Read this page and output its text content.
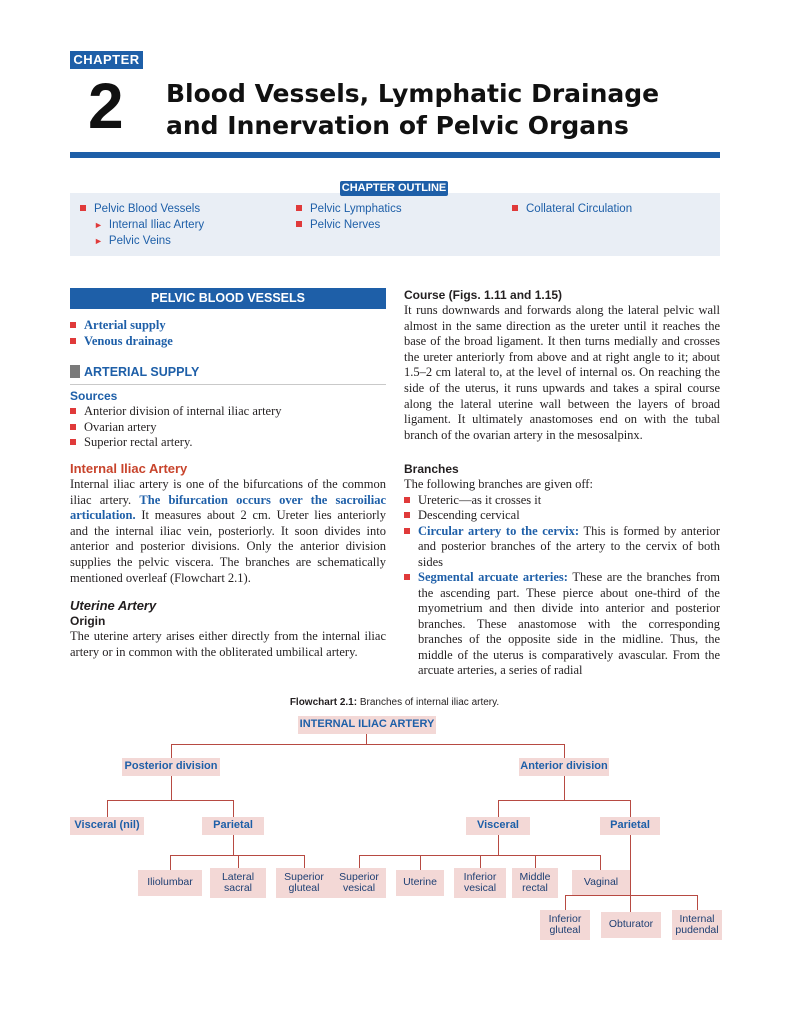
CHAPTER
2 Blood Vessels, Lymphatic Drainage
and Innervation of Pelvic Organs
CHAPTER OUTLINE
Pelvic Blood Vessels
► Internal Iliac Artery
► Pelvic Veins
Pelvic Lymphatics
Pelvic Nerves
Collateral Circulation
PELVIC BLOOD VESSELS
Arterial supply
Venous drainage
ARTERIAL SUPPLY
Sources
Anterior division of internal iliac artery
Ovarian artery
Superior rectal artery.
Internal Iliac Artery

Internal iliac artery is one of the bifurcations of the common iliac artery. The bifurcation occurs over the sacroiliac articulation. It measures about 2 cm. Ureter lies anteriorly and the internal iliac vein, posteriorly. It soon divides into anterior and posterior divisions. Only the anterior division supplies the pelvic viscera. The branches are schematically mentioned overleaf (Flowchart 2.1).

Uterine Artery
Origin

The uterine artery arises either directly from the internal iliac artery or in common with the obliterated umbilical artery.

Course (Figs. 1.11 and 1.15)

It runs downwards and forwards along the lateral pelvic wall almost in the same direction as the ureter until it reaches the base of the broad ligament. It then turns medially and crosses the ureter anteriorly from above and at right angle to it; about 1.5–2 cm lateral to, at the level of internal os. On reaching the side of the uterus, it runs upwards and takes a spiral course along the lateral uterine wall between the layers of broad ligament. It ultimately anastomoses end on with the tubal branch of the ovarian artery in the mesosalpinx.

Branches
The following branches are given off:
Ureteric—as it crosses it
Descending cervical
Circular artery to the cervix: This is formed by anterior and posterior branches of the artery to the cervix of both sides
Segmental arcuate arteries: These are the branches from the ascending part. These pierce about one-third of the myometrium and then divide into anterior and posterior branches. These anastomose with the corresponding branches of the opposite side in the midline. Thus, the middle of the uterus is comparatively avascular. From the arcuate arteries, a series of radial
Flowchart 2.1: Branches of internal iliac artery.
INTERNAL ILIAC ARTERY
Posterior division	Anterior division
Visceral (nil)	Parietal	Visceral	Parietal
Iliolumbar	Lateral
sacral
Superior
gluteal
Superior
vesical	Uterine	Inferior
vesical
Middle
rectal	Vaginal
Inferior
gluteal	Obturator	Internal
pudendal
